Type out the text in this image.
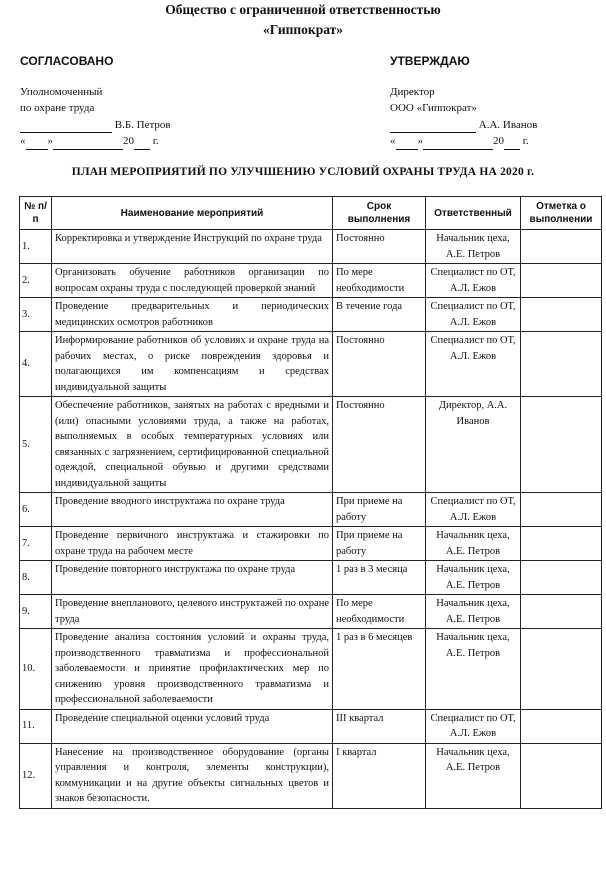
Общество с ограниченной ответственностью
«Гиппократ»
СОГЛАСОВАНО
Уполномоченный
по охране труда
В.Б. Петров
« »	20 г.
УТВЕРЖДАЮ
Директор
ООО «Гиппократ»
А.А. Иванов
« »	20 г.
ПЛАН МЕРОПРИЯТИЙ ПО УЛУЧШЕНИЮ УСЛОВИЙ ОХРАНЫ ТРУДА НА 2020 г.
№ п/п	Наименование мероприятий	Срок выполнения	Ответственный	Отметка о выполнении
1.	Корректировка и утверждение Инструкций по охране труда	Постоянно	Начальник цеха, А.Е. Петров	
2.	Организовать обучение работников организации по вопросам охраны труда с последующей проверкой знаний	По мере необходимости	Специалист по ОТ, А.Л. Ежов	
3.	Проведение предварительных и периодических медицинских осмотров работников	В течение года	Специалист по ОТ, А.Л. Ежов	
4.	Информирование работников об условиях и охране труда на рабочих местах, о риске повреждения здоровья и полагающихся им компенсациям и средствах индивидуальной защиты	Постоянно	Специалист по ОТ, А.Л. Ежов	
5.	Обеспечение работников, занятых на работах с вредными и (или) опасными условиями труда, а также на работах, выполняемых в особых температурных условиях или связанных с загрязнением, сертифицированной специальной одеждой, специальной обувью и другими средствами индивидуальной защиты	Постоянно	Директор, А.А. Иванов	
6.	Проведение вводного инструктажа по охране труда	При приеме на работу	Специалист по ОТ, А.Л. Ежов	
7.	Проведение первичного инструктажа и стажировки по охране труда на рабочем месте	При приеме на работу	Начальник цеха, А.Е. Петров	
8.	Проведение повторного инструктажа по охране труда	1 раз в 3 месяца	Начальник цеха, А.Е. Петров	
9.	Проведение внепланового, целевого инструктажей по охране труда	По мере необходимости	Начальник цеха, А.Е. Петров	
10.	Проведение анализа состояния условий и охраны труда, производственного травматизма и профессиональной заболеваемости и принятие профилактических мер по снижению уровня производственного травматизма и профессиональной заболеваемости	1 раз в 6 месяцев	Начальник цеха, А.Е. Петров	
11.	Проведение специальной оценки условий труда	III квартал	Специалист по ОТ, А.Л. Ежов	
12.	Нанесение на производственное оборудование (органы управления и контроля, элементы конструкции), коммуникации и на другие объекты сигнальных цветов и знаков безопасности.	I квартал	Начальник цеха, А.Е. Петров	
